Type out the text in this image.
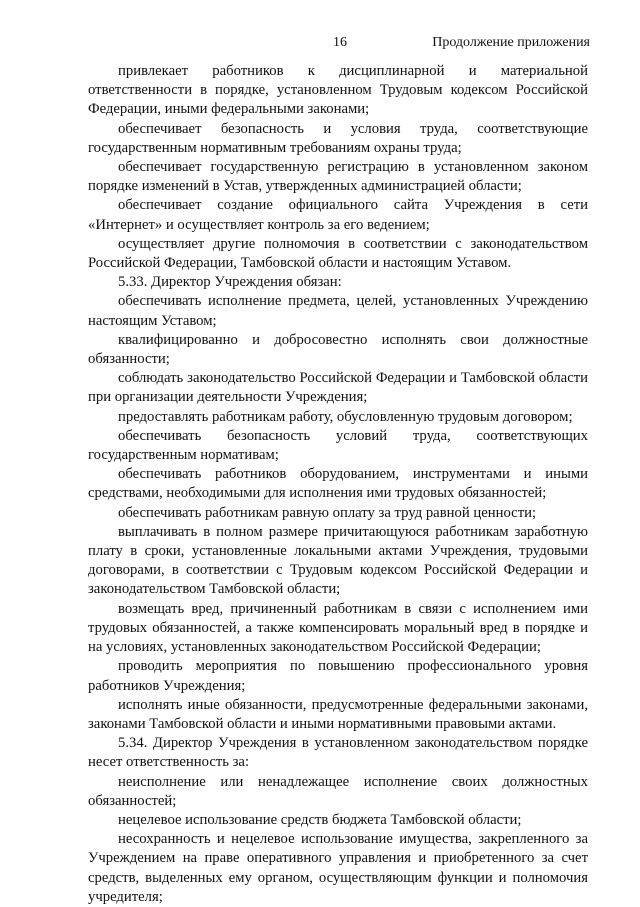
16	Продолжение приложения

привлекает работников к дисциплинарной и материальной ответственности в порядке, установленном Трудовым кодексом Российской Федерации, иными федеральными законами;

обеспечивает безопасность и условия труда, соответствующие государственным нормативным требованиям охраны труда;

обеспечивает государственную регистрацию в установленном законом порядке изменений в Устав, утвержденных администрацией области;

обеспечивает создание официального сайта Учреждения в сети «Интернет» и осуществляет контроль за его ведением;

осуществляет другие полномочия в соответствии с законодательством Российской Федерации, Тамбовской области и настоящим Уставом.

5.33. Директор Учреждения обязан:

обеспечивать исполнение предмета, целей, установленных Учреждению настоящим Уставом;

квалифицированно и добросовестно исполнять свои должностные обязанности;

соблюдать законодательство Российской Федерации и Тамбовской области при организации деятельности Учреждения;

предоставлять работникам работу, обусловленную трудовым договором;

обеспечивать безопасность условий труда, соответствующих государственным нормативам;

обеспечивать работников оборудованием, инструментами и иными средствами, необходимыми для исполнения ими трудовых обязанностей;

обеспечивать работникам равную оплату за труд равной ценности;

выплачивать в полном размере причитающуюся работникам заработную плату в сроки, установленные локальными актами Учреждения, трудовыми договорами, в соответствии с Трудовым кодексом Российской Федерации и законодательством Тамбовской области;

возмещать вред, причиненный работникам в связи с исполнением ими трудовых обязанностей, а также компенсировать моральный вред в порядке и на условиях, установленных законодательством Российской Федерации;

проводить мероприятия по повышению профессионального уровня работников Учреждения;

исполнять иные обязанности, предусмотренные федеральными законами, законами Тамбовской области и иными нормативными правовыми актами.

5.34. Директор Учреждения в установленном законодательством порядке несет ответственность за:

неисполнение или ненадлежащее исполнение своих должностных обязанностей;

нецелевое использование средств бюджета Тамбовской области;

несохранность и нецелевое использование имущества, закрепленного за Учреждением на праве оперативного управления и приобретенного за счет средств, выделенных ему органом, осуществляющим функции и полномочия учредителя;
